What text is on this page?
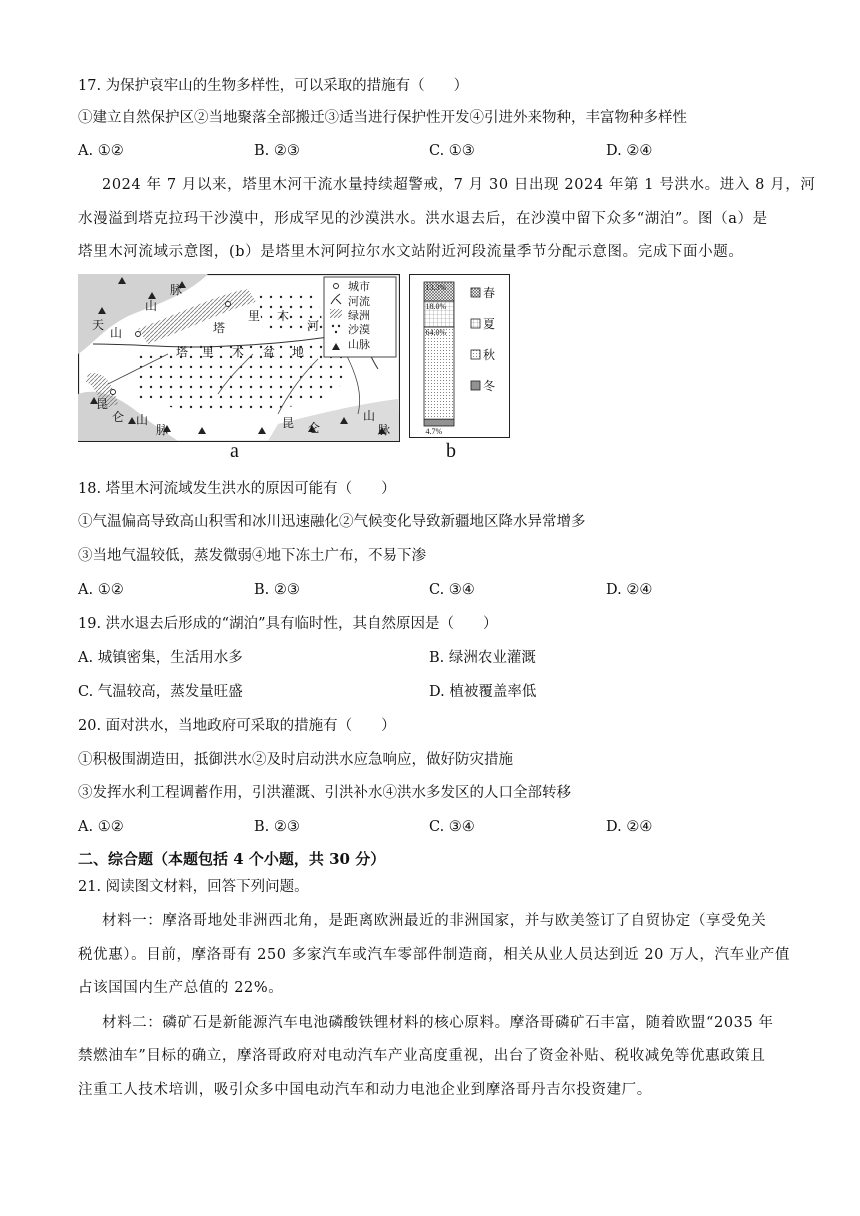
17. 为保护哀牢山的生物多样性，可以采取的措施有（　　）
①建立自然保护区②当地聚落全部搬迁③适当进行保护性开发④引进外来物种，丰富物种多样性
A. ①②	B. ②③	C. ①③	D. ②④
2024 年 7 月以来，塔里木河干流水量持续超警戒，7 月 30 日出现 2024 年第 1 号洪水。进入 8 月，河
水漫溢到塔克拉玛干沙漠中，形成罕见的沙漠洪水。洪水退去后，在沙漠中留下众多“湖泊”。图（a）是
塔里木河流域示意图，(b）是塔里木河阿拉尔水文站附近河段流量季节分配示意图。完成下面小题。
天
山
山
脉
塔
里 木
河
塔 里 木 盆 地
昆
仑 山
脉	昆 仑
山
脉
城市
河流
绿洲
沙漠
山脉
a
13.3%
18.0%
64.0%
4.7%
春
夏
秋
冬
b
18. 塔里木河流域发生洪水的原因可能有（　　）
①气温偏高导致高山积雪和冰川迅速融化②气候变化导致新疆地区降水异常增多
③当地气温较低，蒸发微弱④地下冻土广布，不易下渗
A. ①②	B. ②③	C. ③④	D. ②④
19. 洪水退去后形成的“湖泊”具有临时性，其自然原因是（　　）
A. 城镇密集，生活用水多	B. 绿洲农业灌溉
C. 气温较高，蒸发量旺盛	D. 植被覆盖率低
20. 面对洪水，当地政府可采取的措施有（　　）
①积极围湖造田，抵御洪水②及时启动洪水应急响应，做好防灾措施
③发挥水利工程调蓄作用，引洪灌溉、引洪补水④洪水多发区的人口全部转移
A. ①②	B. ②③	C. ③④	D. ②④
二、综合题（本题包括 4 个小题，共 30 分）
21. 阅读图文材料，回答下列问题。
材料一：摩洛哥地处非洲西北角，是距离欧洲最近的非洲国家，并与欧美签订了自贸协定（享受免关
税优惠）。目前，摩洛哥有 250 多家汽车或汽车零部件制造商，相关从业人员达到近 20 万人，汽车业产值
占该国国内生产总值的 22%。
材料二：磷矿石是新能源汽车电池磷酸铁锂材料的核心原料。摩洛哥磷矿石丰富，随着欧盟“2035 年
禁燃油车”目标的确立，摩洛哥政府对电动汽车产业高度重视，出台了资金补贴、税收减免等优惠政策且
注重工人技术培训，吸引众多中国电动汽车和动力电池企业到摩洛哥丹吉尔投资建厂。
